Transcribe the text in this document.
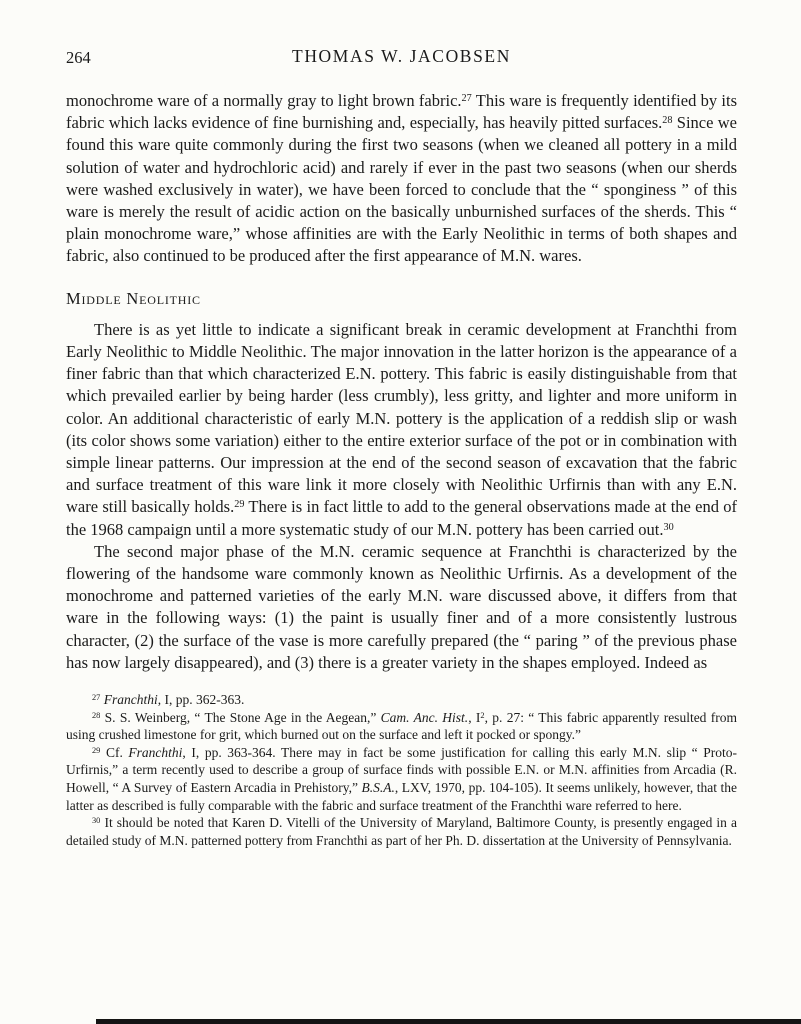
264	THOMAS W. JACOBSEN

monochrome ware of a normally gray to light brown fabric.$^{27}$ This ware is frequently identified by its fabric which lacks evidence of fine burnishing and, especially, has heavily pitted surfaces.$^{28}$ Since we found this ware quite commonly during the first two seasons (when we cleaned all pottery in a mild solution of water and hydrochloric acid) and rarely if ever in the past two seasons (when our sherds were washed exclusively in water), we have been forced to conclude that the “ sponginess ” of this ware is merely the result of acidic action on the basically unburnished surfaces of the sherds. This “ plain monochrome ware,” whose affinities are with the Early Neolithic in terms of both shapes and fabric, also continued to be produced after the first appearance of M.N. wares.

Middle Neolithic

There is as yet little to indicate a significant break in ceramic development at Franchthi from Early Neolithic to Middle Neolithic. The major innovation in the latter horizon is the appearance of a finer fabric than that which characterized E.N. pottery. This fabric is easily distinguishable from that which prevailed earlier by being harder (less crumbly), less gritty, and lighter and more uniform in color. An additional characteristic of early M.N. pottery is the application of a reddish slip or wash (its color shows some variation) either to the entire exterior surface of the pot or in combination with simple linear patterns. Our impression at the end of the second season of excavation that the fabric and surface treatment of this ware link it more closely with Neolithic Urfirnis than with any E.N. ware still basically holds.$^{29}$ There is in fact little to add to the general observations made at the end of the 1968 campaign until a more systematic study of our M.N. pottery has been carried out.$^{30}$

The second major phase of the M.N. ceramic sequence at Franchthi is characterized by the flowering of the handsome ware commonly known as Neolithic Urfirnis. As a development of the monochrome and patterned varieties of the early M.N. ware discussed above, it differs from that ware in the following ways: (1) the paint is usually finer and of a more consistently lustrous character, (2) the surface of the vase is more carefully prepared (the “ paring ” of the previous phase has now largely disappeared), and (3) there is a greater variety in the shapes employed. Indeed as

$^{27}$ Franchthi, I, pp. 362-363.

$^{28}$ S. S. Weinberg, “ The Stone Age in the Aegean,” Cam. Anc. Hist., $I^2$, p. 27: “ This fabric apparently resulted from using crushed limestone for grit, which burned out on the surface and left it pocked or spongy.”

$^{29}$ Cf. Franchthi, I, pp. 363-364. There may in fact be some justification for calling this early M.N. slip “ Proto-Urfirnis,” a term recently used to describe a group of surface finds with possible E.N. or M.N. affinities from Arcadia (R. Howell, “ A Survey of Eastern Arcadia in Prehistory,” B.S.A., LXV, 1970, pp. 104-105). It seems unlikely, however, that the latter as described is fully comparable with the fabric and surface treatment of the Franchthi ware referred to here.

$^{30}$ It should be noted that Karen D. Vitelli of the University of Maryland, Baltimore County, is presently engaged in a detailed study of M.N. patterned pottery from Franchthi as part of her Ph. D. dissertation at the University of Pennsylvania.
